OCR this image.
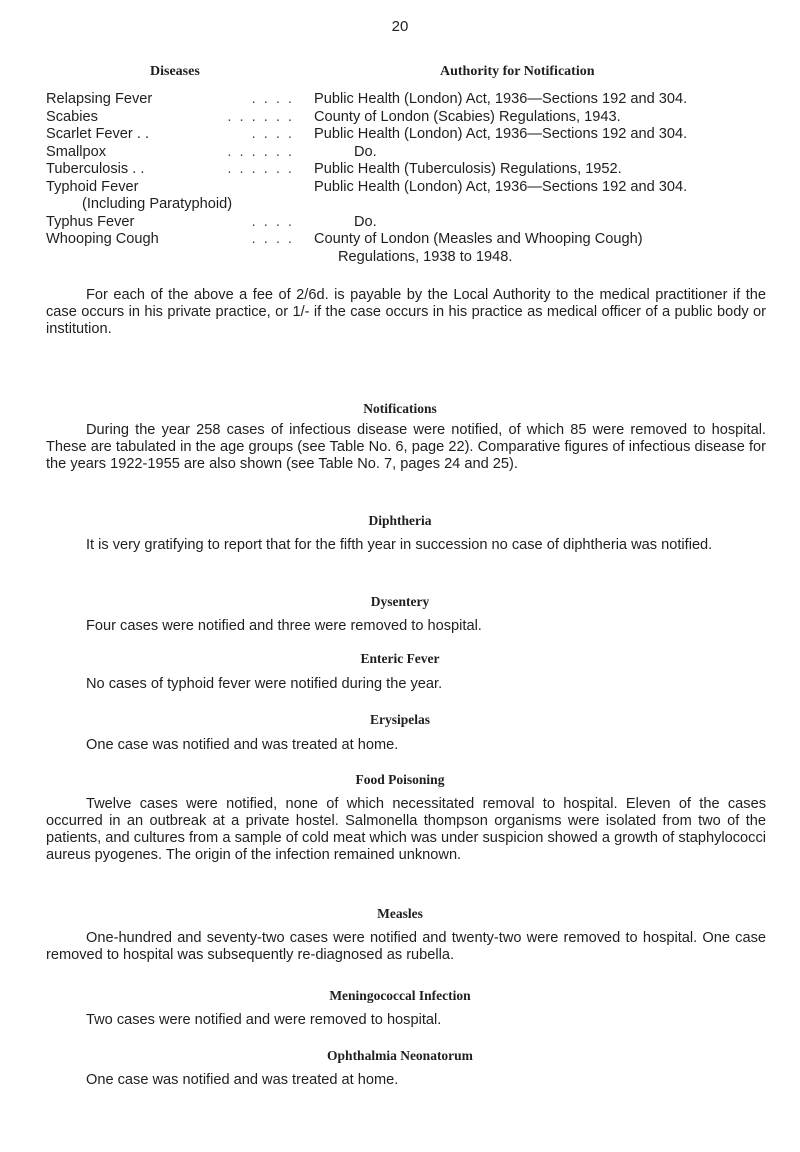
20
Diseases	Authority for Notification
Relapsing Fever . . . .	Public Health (London) Act, 1936—Sections 192 and 304.

Scabies . . . . . .	County of London (Scabies) Regulations, 1943.

Scarlet Fever . . . . . .	Public Health (London) Act, 1936—Sections 192 and 304.

Smallpox . . . . . .	Do.

Tuberculosis . . . . . . . .	Public Health (Tuberculosis) Regulations, 1952.
Typhoid Fever
(Including Paratyphoid)	Public Health (London) Act, 1936—Sections 192 and 304.

Typhus Fever . . . .	Do.

Whooping Cough . . . .	County of London (Measles and Whooping Cough)
Regulations, 1938 to 1948.
For each of the above a fee of 2/6d. is payable by the Local Authority to the medical practitioner if the case occurs in his private practice, or 1/- if the case occurs in his practice as medical officer of a public body or institution.
Notifications
During the year 258 cases of infectious disease were notified, of which 85 were removed to hospital. These are tabulated in the age groups (see Table No. 6, page 22). Comparative figures of infectious disease for the years 1922-1955 are also shown (see Table No. 7, pages 24 and 25).
Diphtheria
It is very gratifying to report that for the fifth year in succession no case of diphtheria was notified.
Dysentery
Four cases were notified and three were removed to hospital.
Enteric Fever
No cases of typhoid fever were notified during the year.
Erysipelas
One case was notified and was treated at home.
Food Poisoning
Twelve cases were notified, none of which necessitated removal to hospital. Eleven of the cases occurred in an outbreak at a private hostel. Salmonella thompson organisms were isolated from two of the patients, and cultures from a sample of cold meat which was under suspicion showed a growth of staphylococci aureus pyogenes. The origin of the infection remained unknown.
Measles
One-hundred and seventy-two cases were notified and twenty-two were removed to hospital. One case removed to hospital was subsequently re-diagnosed as rubella.
Meningococcal Infection
Two cases were notified and were removed to hospital.
Ophthalmia Neonatorum
One case was notified and was treated at home.
